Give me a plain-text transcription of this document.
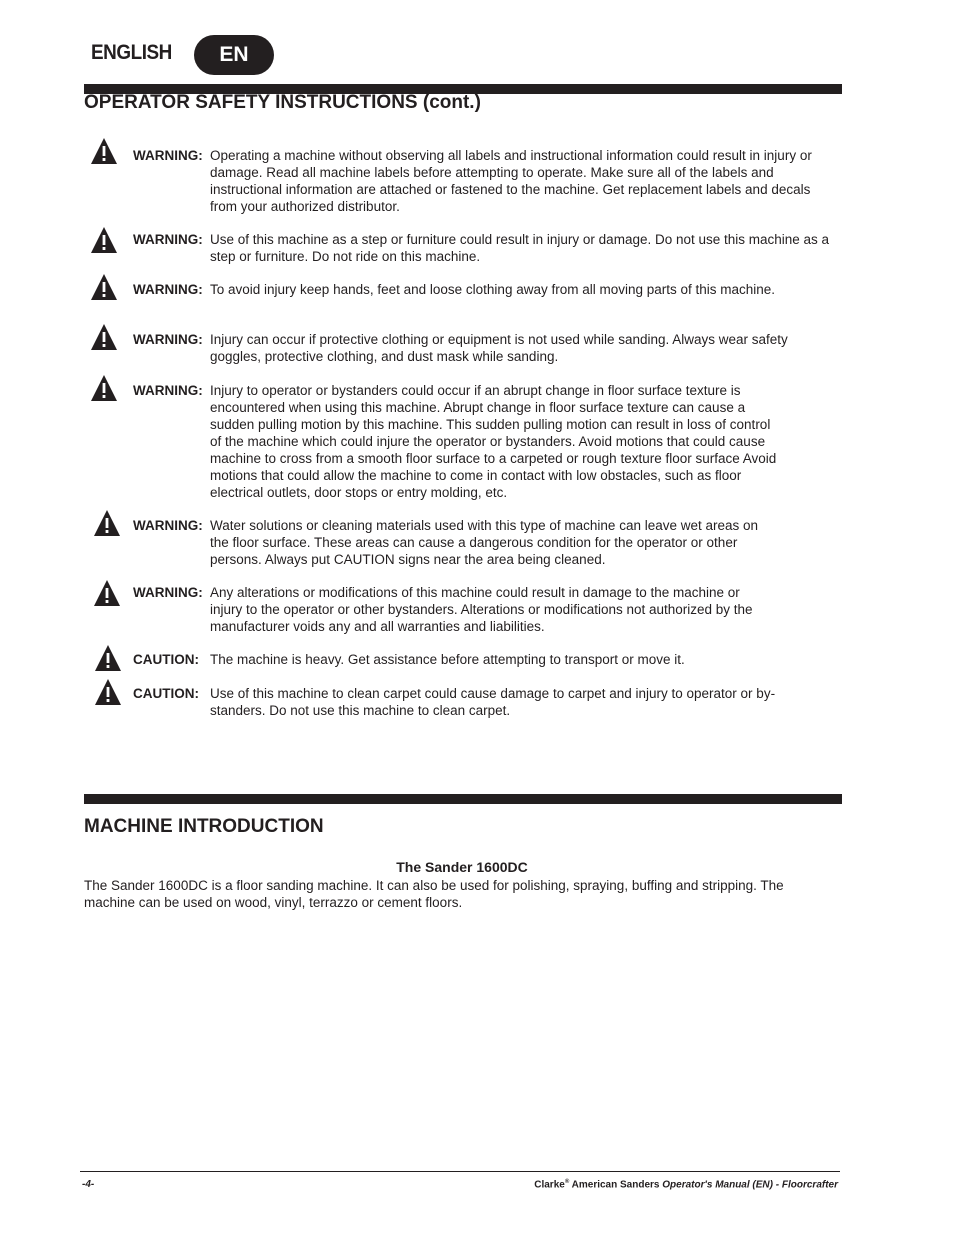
ENGLISH	EN
OPERATOR SAFETY INSTRUCTIONS (cont.)
WARNING: Operating a machine without observing all labels and instructional information could result in injury or damage. Read all machine labels before attempting to operate. Make sure all of the labels and instructional information are attached or fastened to the machine. Get replacement labels and decals from your authorized distributor.
WARNING: Use of this machine as a step or furniture could result in injury or damage. Do not use this machine as a step or furniture. Do not ride on this machine.
WARNING: To avoid injury keep hands, feet and loose clothing away from all moving parts of this machine.
WARNING: Injury can occur if protective clothing or equipment is not used while sanding. Always wear safety goggles, protective clothing, and dust mask while sanding.
WARNING: Injury to operator or bystanders could occur if an abrupt change in floor surface texture is encountered when using this machine. Abrupt change in floor surface texture can cause a sudden pulling motion by this machine. This sudden pulling motion can result in loss of control of the machine which could injure the operator or bystanders. Avoid motions that could cause machine to cross from a smooth floor surface to a carpeted or rough texture floor surface Avoid motions that could allow the machine to come in contact with low obstacles, such as floor electrical outlets, door stops or entry molding, etc.
WARNING: Water solutions or cleaning materials used with this type of machine can leave wet areas on the floor surface. These areas can cause a dangerous condition for the operator or other persons. Always put CAUTION signs near the area being cleaned.
WARNING: Any alterations or modifications of this machine could result in damage to the machine or injury to the operator or other bystanders. Alterations or modifications not authorized by the manufacturer voids any and all warranties and liabilities.
CAUTION: The machine is heavy. Get assistance before attempting to transport or move it.
CAUTION: Use of this machine to clean carpet could cause damage to carpet and injury to operator or by-standers. Do not use this machine to clean carpet.
MACHINE INTRODUCTION
The Sander 1600DC
The Sander 1600DC is a floor sanding machine. It can also be used for polishing, spraying, buffing and stripping. The machine can be used on wood, vinyl, terrazzo or cement floors.
-4-	Clarke® American Sanders Operator's Manual (EN) - Floorcrafter
